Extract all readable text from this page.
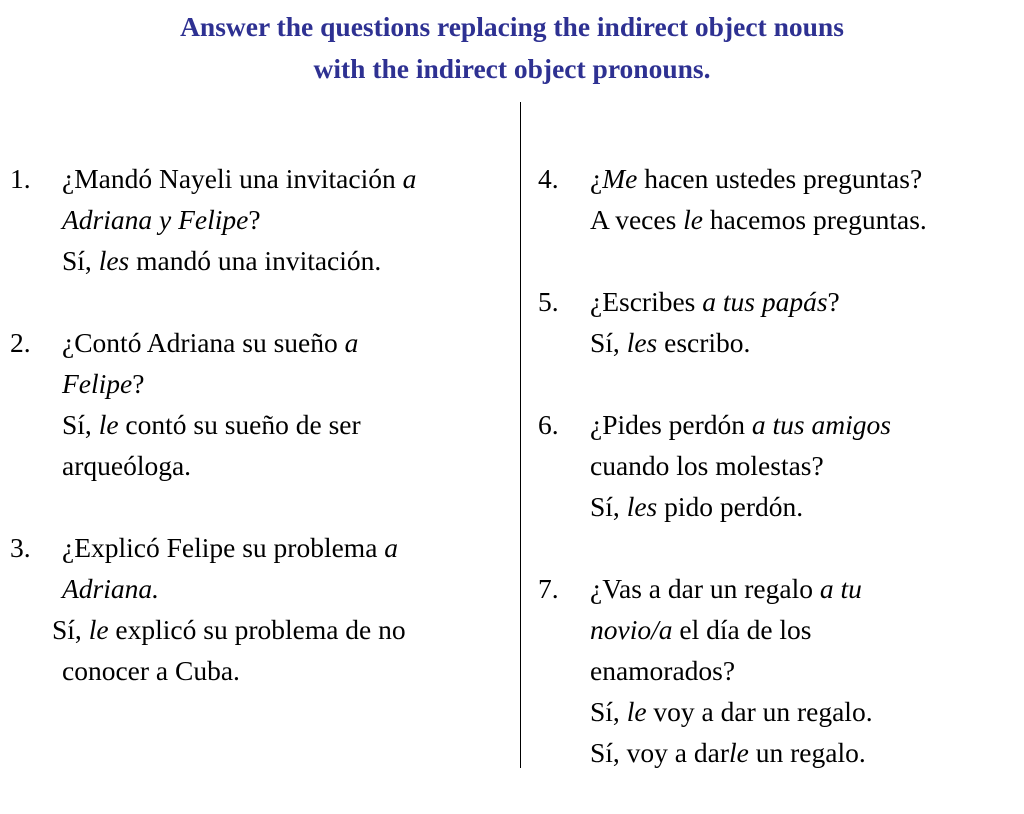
Answer the questions replacing the indirect object nouns
with the indirect object pronouns.
1. ¿Mandó Nayeli una invitación a
Adriana y Felipe?
Sí, les mandó una invitación.
2. ¿Contó Adriana su sueño a
Felipe?
Sí, le contó su sueño de ser
arqueóloga.
3. ¿Explicó Felipe su problema a
Adriana.
Sí, le explicó su problema de no
conocer a Cuba.
4. ¿Me hacen ustedes preguntas?
A veces le hacemos preguntas.
5. ¿Escribes a tus papás?
Sí, les escribo.
6. ¿Pides perdón a tus amigos
cuando los molestas?
Sí, les pido perdón.
7. ¿Vas a dar un regalo a tu
novio/a el día de los
enamorados?
Sí, le voy a dar un regalo.
Sí, voy a darle un regalo.
